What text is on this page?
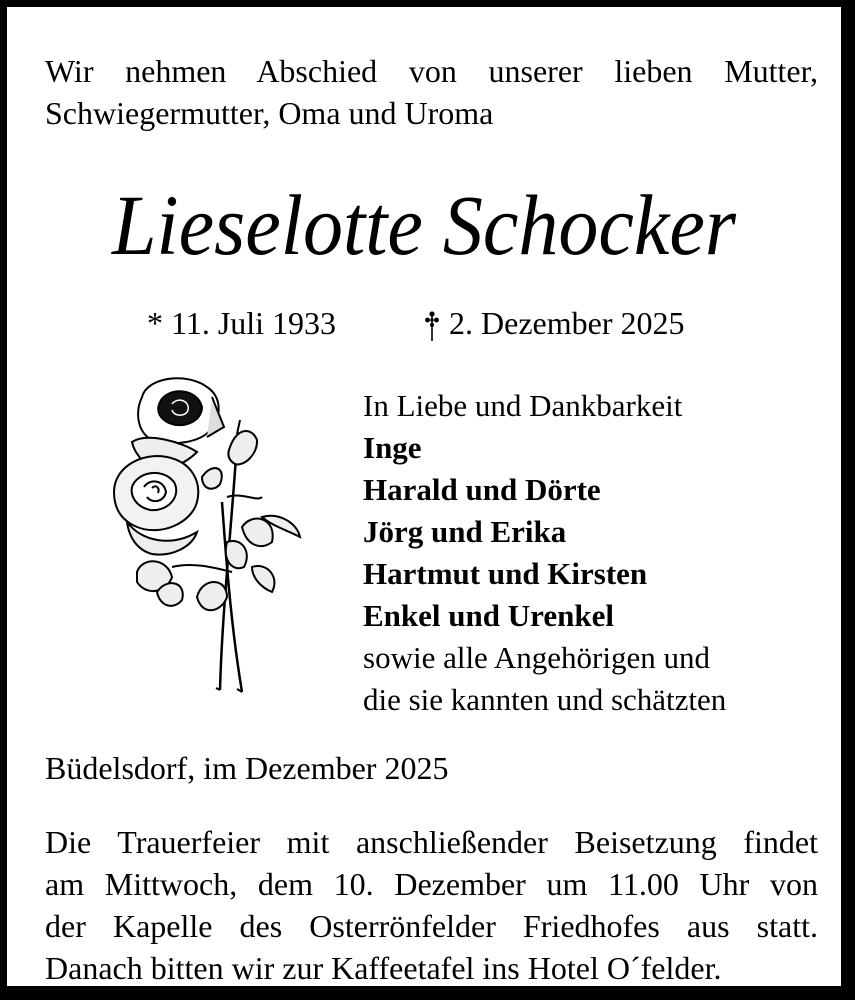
Wir nehmen Abschied von unserer lieben Mutter,
Schwiegermutter, Oma und Uroma
Lieselotte Schocker
* 11. Juli 1933	2. Dezember 2025
In Liebe und Dankbarkeit
Inge
Harald und Dörte
Jörg und Erika
Hartmut und Kirsten
Enkel und Urenkel
sowie alle Angehörigen und
die sie kannten und schätzten
Büdelsdorf, im Dezember 2025
Die Trauerfeier mit anschließender Beisetzung findet
am Mittwoch, dem 10. Dezember um 11.00 Uhr von
der Kapelle des Osterrönfelder Friedhofes aus statt.
Danach bitten wir zur Kaffeetafel ins Hotel O´felder.
